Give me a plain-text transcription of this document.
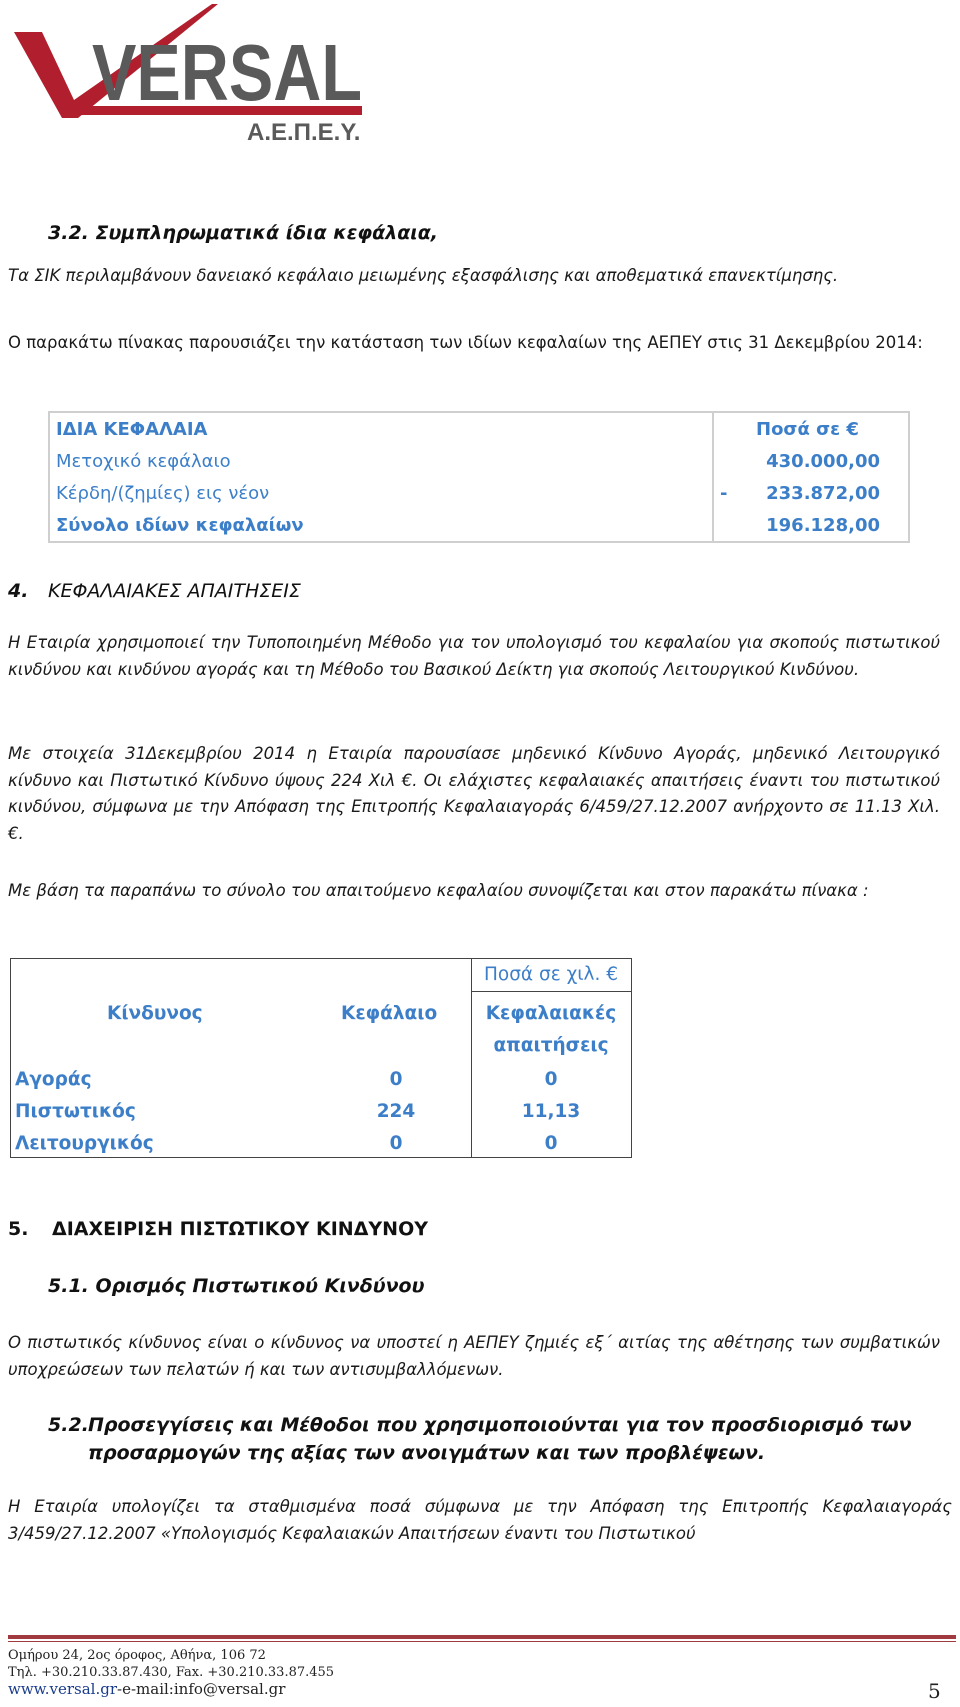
VERSAL
Α.Ε.Π.Ε.Υ.
3.2. Συμπληρωματικά ίδια κεφάλαια,
Τα ΣΙΚ περιλαμβάνουν δανειακό κεφάλαιο μειωμένης εξασφάλισης και αποθεματικά επανεκτίμησης.
Ο παρακάτω πίνακας παρουσιάζει την κατάσταση των ιδίων κεφαλαίων της ΑΕΠΕΥ στις 31 Δεκεμβρίου 2014:
ΙΔΙΑ ΚΕΦΑΛΑΙΑ	Ποσά σε €	
Μετοχικό κεφάλαιο		430.000,00
Κέρδη/(ζημίες) εις νέον	-	233.872,00
Σύνολο ιδίων κεφαλαίων		196.128,00
4. ΚΕΦΑΛΑΙΑΚΕΣ ΑΠΑΙΤΗΣΕΙΣ
Η Εταιρία χρησιμοποιεί την Τυποποιημένη Μέθοδο για τον υπολογισμό του κεφαλαίου για σκοπούς πιστωτικού κινδύνου και κινδύνου αγοράς και τη Μέθοδο του Βασικού Δείκτη για σκοπούς Λειτουργικού Κινδύνου.
Με στοιχεία 31Δεκεμβρίου 2014 η Εταιρία παρουσίασε μηδενικό Κίνδυνο Αγοράς, μηδενικό Λειτουργικό κίνδυνο και Πιστωτικό Κίνδυνο ύψους 224 Χιλ €. Οι ελάχιστες κεφαλαιακές απαιτήσεις έναντι του πιστωτικού κινδύνου, σύμφωνα με την Απόφαση της Επιτροπής Κεφαλαιαγοράς 6/459/27.12.2007 ανήρχοντο σε 11.13 Χιλ. €.
Με βάση τα παραπάνω το σύνολο του απαιτούμενο κεφαλαίου συνοψίζεται και στον παρακάτω πίνακα :
Ποσά σε χιλ. €
Κίνδυνος	Κεφάλαιο	Κεφαλαιακές
απαιτήσεις
Αγοράς	0	0
Πιστωτικός	224	11,13
Λειτουργικός	0	0
5. ΔΙΑΧΕΙΡΙΣΗ ΠΙΣΤΩΤΙΚΟΥ ΚΙΝΔΥΝΟΥ
5.1. Ορισμός Πιστωτικού Κινδύνου
Ο πιστωτικός κίνδυνος είναι ο κίνδυνος να υποστεί η ΑΕΠΕΥ ζημιές εξ΄ αιτίας της αθέτησης των συμβατικών υποχρεώσεων των πελατών ή και των αντισυμβαλλόμενων.
5.2. Προσεγγίσεις και Μέθοδοι που χρησιμοποιούνται για τον προσδιορισμό των
προσαρμογών της αξίας των ανοιγμάτων και των προβλέψεων.
Η Εταιρία υπολογίζει τα σταθμισμένα ποσά σύμφωνα με την Απόφαση της Επιτροπής Κεφαλαιαγοράς 3/459/27.12.2007 «Υπολογισμός Κεφαλαιακών Απαιτήσεων έναντι του Πιστωτικού
Ομήρου 24, 2ος όροφος, Αθήνα, 106 72
Τηλ. +30.210.33.87.430, Fax. +30.210.33.87.455
www.versal.gr-e-mail:info@versal.gr	5
